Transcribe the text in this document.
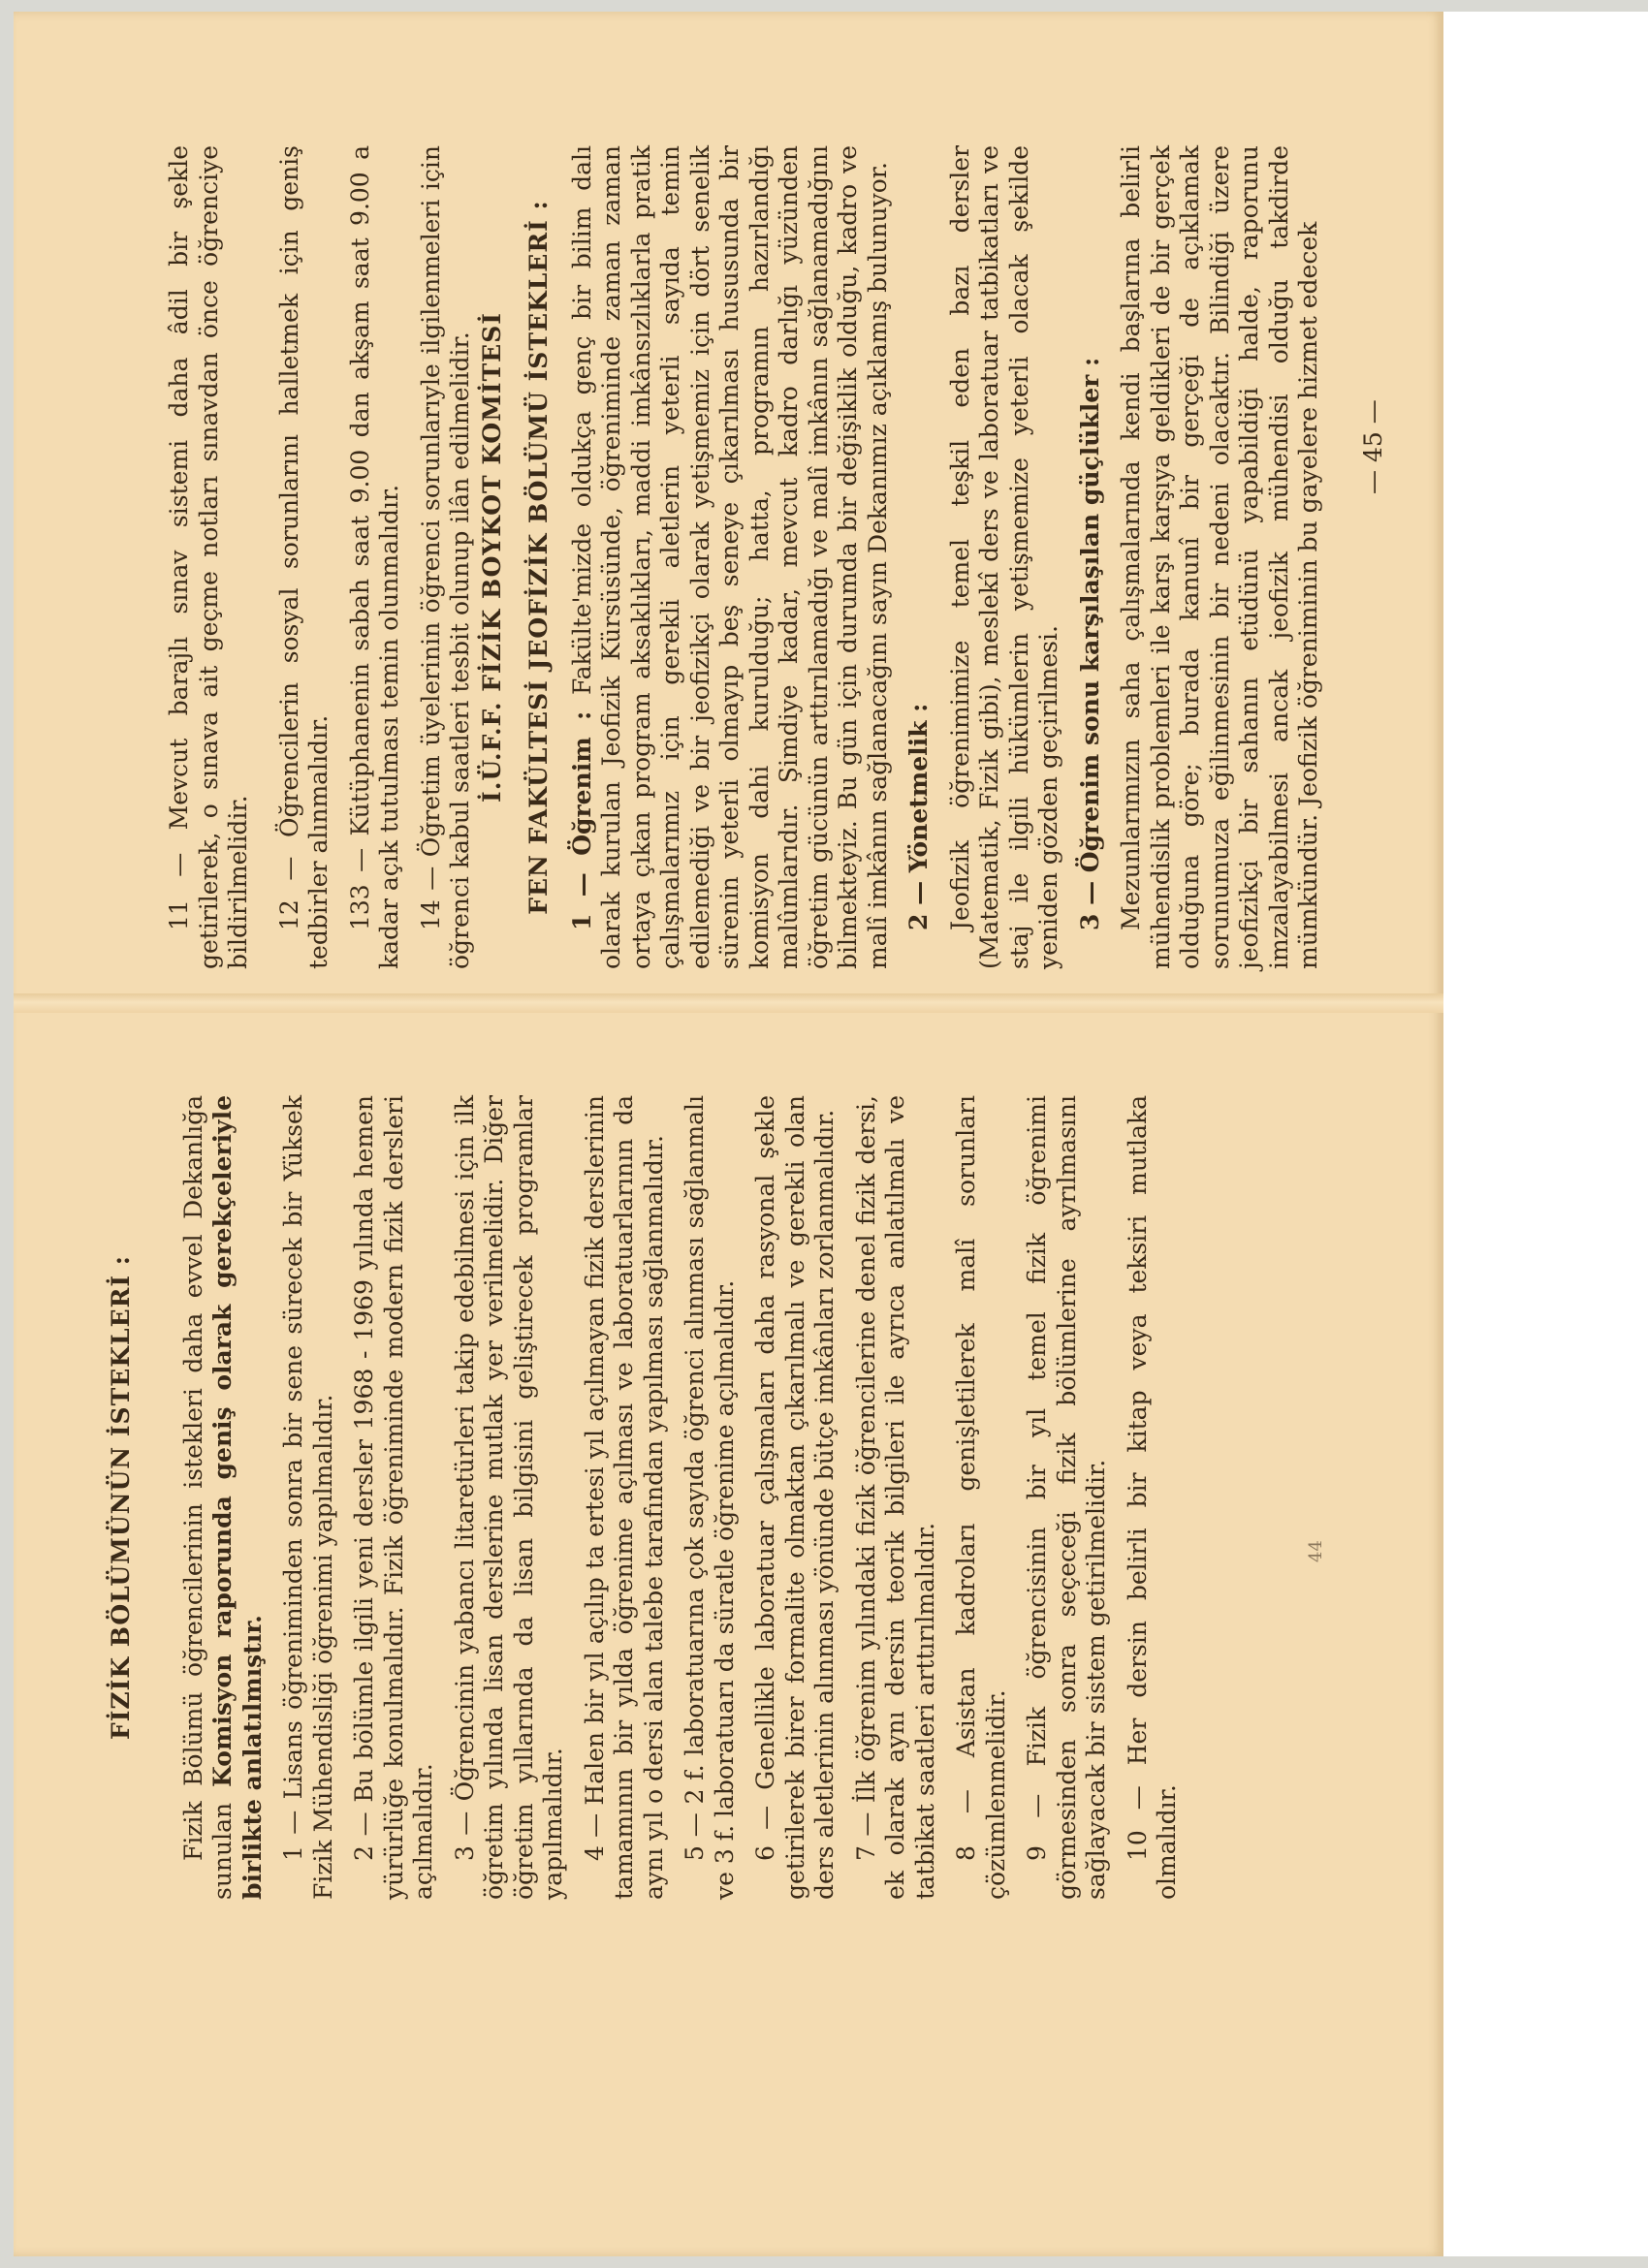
11 — Mevcut barajlı sınav sistemi daha âdil bir şekle getirilerek, o sınava ait geçme notları sınavdan önce öğrenciye bildirilmelidir. 12 — Öğrencilerin sosyal sorunlarını halletmek için geniş tedbirler alınmalıdır. 133 — Kütüphanenin sabah saat 9.00 dan akşam saat 9.00 a kadar açık tutulması temin olunmalıdır. 14 — Öğretim üyelerinin öğrenci sorunlarıyle ilgilenmeleri için öğrenci kabul saatleri tesbit olunup ilân edilmelidir. İ.Ü.F.F. FİZİK BOYKOT KOMİTESİ FEN FAKÜLTESİ JEOFİZİK BÖLÜMÜ İSTEKLERİ : 1 — Öğrenim : Fakülte'mizde oldukça genç bir bilim dalı olarak kurulan Jeofizik Kürsüsünde, öğreniminde zaman zaman ortaya çıkan program aksaklıkları, maddi imkânsızlıklarla pratik çalışmalarımız için gerekli aletlerin yeterli sayıda temin edilemediği ve bir jeofizikçi olarak yetişmemiz için dört senelik sürenin yeterli olmayıp beş seneye çıkarılması hususunda bir komisyon dahi kurulduğu; hatta, programın hazırlandığı malûmlarıdır. Şimdiye kadar, mevcut kadro darlığı yüzünden öğretim gücünün arttırılamadığı ve malî imkânın sağlanamadığını bilmekteyiz. Bu gün için durumda bir değişiklik olduğu, kadro ve malî imkânın sağlanacağını sayın Dekanımız açıklamış bulunuyor. 2 — Yönetmelik : Jeofizik öğrenimimize temel teşkil eden bazı dersler (Matematik, Fizik gibi), meslekî ders ve laboratuar tatbikatları ve staj ile ilgili hükümlerin yetişmemize yeterli olacak şekilde yeniden gözden geçirilmesi. 3 — Öğrenim sonu karşılaşılan güçlükler : Mezunlarımızın saha çalışmalarında kendi başlarına belirli mühendislik problemleri ile karşı karşıya geldikleri de bir gerçek olduğuna göre; burada kanunî bir gerçeği de açıklamak sorunumuza eğilinmesinin bir nedeni olacaktır. Bilindiği üzere jeofizikçi bir sahanın etüdünü yapabildiği halde, raporunu imzalayabilmesi ancak jeofizik mühendisi olduğu takdirde mümkündür. Jeofizik öğreniminin bu gayelere hizmet edecek — 45 —

FİZİK BÖLÜMÜNÜN İSTEKLERİ : Fizik Bölümü öğrencilerinin istekleri daha evvel Dekanlığa sunulan Komisyon raporunda geniş olarak gerekçeleriyle birlikte anlatılmıştır. 1 — Lisans öğreniminden sonra bir sene sürecek bir Yüksek Fizik Mühendisliği öğrenimi yapılmalıdır. 2 — Bu bölümle ilgili yeni dersler 1968 - 1969 yılında hemen yürürlüğe konulmalıdır. Fizik öğreniminde modern fizik dersleri açılmalıdır. 3 — Öğrencinin yabancı litaretürleri takip edebilmesi için ilk öğretim yılında lisan derslerine mutlak yer verilmelidir. Diğer öğretim yıllarında da lisan bilgisini geliştirecek programlar yapılmalıdır. 4 — Halen bir yıl açılıp ta ertesi yıl açılmayan fizik derslerinin tamamının bir yılda öğrenime açılması ve laboratuarlarının da aynı yıl o dersi alan talebe tarafından yapılması sağlanmalıdır. 5 — 2 f. laboratuarına çok sayıda öğrenci alınması sağlanmalı ve 3 f. laboratuarı da süratle öğrenime açılmalıdır. 6 — Genellikle laboratuar çalışmaları daha rasyonal şekle getirilerek birer formalite olmaktan çıkarılmalı ve gerekli olan ders aletlerinin alınması yönünde bütçe imkânları zorlanmalıdır. 7 — İlk öğrenim yılındaki fizik öğrencilerine denel fizik dersi, ek olarak aynı dersin teorik bilgileri ile ayrıca anlatılmalı ve tatbikat saatleri arttırılmalıdır. 8 — Asistan kadroları genişletilerek malî sorunları çözümlenmelidir. 9 — Fizik öğrencisinin bir yıl temel fizik öğrenimi görmesinden sonra seçeceği fizik bölümlerine ayrılmasını sağlayacak bir sistem getirilmelidir. 10 — Her dersin belirli bir kitap veya teksiri mutlaka olmalıdır.

44
